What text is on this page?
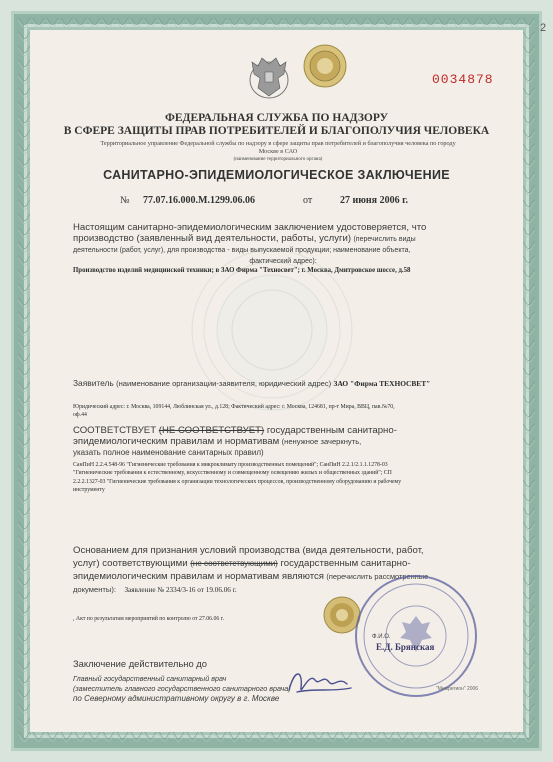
2
0034878
ФЕДЕРАЛЬНАЯ СЛУЖБА ПО НАДЗОРУ
В СФЕРЕ ЗАЩИТЫ ПРАВ ПОТРЕБИТЕЛЕЙ И БЛАГОПОЛУЧИЯ ЧЕЛОВЕКА
Территориальное управление Федеральной службы по надзору в сфере защиты прав потребителей и благополучия человека по городу
Москве в САО
(наименование территориального органа)
САНИТАРНО-ЭПИДЕМИОЛОГИЧЕСКОЕ ЗАКЛЮЧЕНИЕ
№ 77.07.16.000.М.1299.06.06	от	27 июня 2006 г.
Настоящим санитарно-эпидемиологическим заключением удостоверяется, что
производство (заявленный вид деятельности, работы, услуги) (перечислить виды
деятельности (работ, услуг), для производства - виды выпускаемой продукции; наименование объекта,
фактический адрес):
Производство изделий медицинской техники; в ЗАО Фирма "Техносвет"; г. Москва, Дмитровское шоссе, д.58
Заявитель (наименование организации-заявителя, юридический адрес) ЗАО "Фирма ТЕХНОСВЕТ"
Юридический адрес: г. Москва, 109144, Люблинская ул., д.128; Фактический адрес: г. Москва, 124681, пр-т Мира, ВВЦ, пав.№70,
оф.44
СООТВЕТСТВУЕТ (НЕ СООТВЕТСТВУЕТ) государственным санитарно-
эпидемиологическим правилам и нормативам (ненужное зачеркнуть,
указать полное наименование санитарных правил)
СанПиН 2.2.4.548-96 "Гигиенические требования к микроклимату производственных помещений"; СанПиН 2.2.1/2.1.1.1278-03
"Гигиенические требования к естественному, искусственному и совмещенному освещению жилых и общественных зданий"; СП
2.2.2.1327-03 "Гигиенические требования к организации технологических процессов, производственному оборудованию и рабочему
инструменту
Основанием для признания условий производства (вида деятельности, работ,
услуг) соответствующими (не соответствующими) государственным санитарно-
эпидемиологическим правилам и нормативам являются (перечислить рассмотренные
документы): Заявление № 2334/3-16 от 19.06.06 г.
, Акт по результатам мероприятий по контролю от 27.06.06 г.
Ф.И.О.
Е.Д. Брянская
Заключение действительно до
Главный государственный санитарный врач
(заместитель главного государственного санитарного врача)
по Северному административному округу в г. Москве
"Межрегион" 2006
